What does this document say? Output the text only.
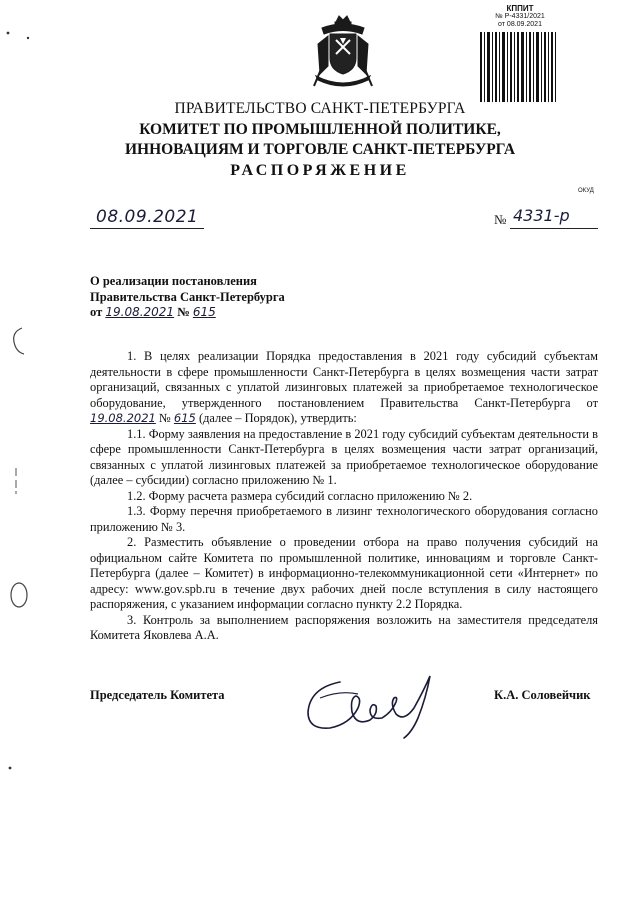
КППИТ
№ Р-4331/2021
от 08.09.2021
ПРАВИТЕЛЬСТВО САНКТ-ПЕТЕРБУРГА
КОМИТЕТ ПО ПРОМЫШЛЕННОЙ ПОЛИТИКЕ,
ИННОВАЦИЯМ И ТОРГОВЛЕ САНКТ-ПЕТЕРБУРГА
РАСПОРЯЖЕНИЕ
ОКУД
08.09.2021	№ 4331-р
О реализации постановления
Правительства Санкт-Петербурга
от 19.08.2021 № 615

1. В целях реализации Порядка предоставления в 2021 году субсидий субъектам деятельности в сфере промышленности Санкт-Петербурга в целях возмещения части затрат организаций, связанных с уплатой лизинговых платежей за приобретаемое технологическое оборудование, утвержденного постановлением Правительства Санкт-Петербурга от 19.08.2021 № 615 (далее – Порядок), утвердить:

1.1. Форму заявления на предоставление в 2021 году субсидий субъектам деятельности в сфере промышленности Санкт-Петербурга в целях возмещения части затрат организаций, связанных с уплатой лизинговых платежей за приобретаемое технологическое оборудование (далее – субсидии) согласно приложению № 1.

1.2. Форму расчета размера субсидий согласно приложению № 2.

1.3. Форму перечня приобретаемого в лизинг технологического оборудования согласно приложению № 3.

2. Разместить объявление о проведении отбора на право получения субсидий на официальном сайте Комитета по промышленной политике, инновациям и торговле Санкт-Петербурга (далее – Комитет) в информационно-телекоммуникационной сети «Интернет» по адресу: www.gov.spb.ru в течение двух рабочих дней после вступления в силу настоящего распоряжения, с указанием информации согласно пункту 2.2 Порядка.

3. Контроль за выполнением распоряжения возложить на заместителя председателя Комитета Яковлева А.А.

Председатель Комитета	К.А. Соловейчик
